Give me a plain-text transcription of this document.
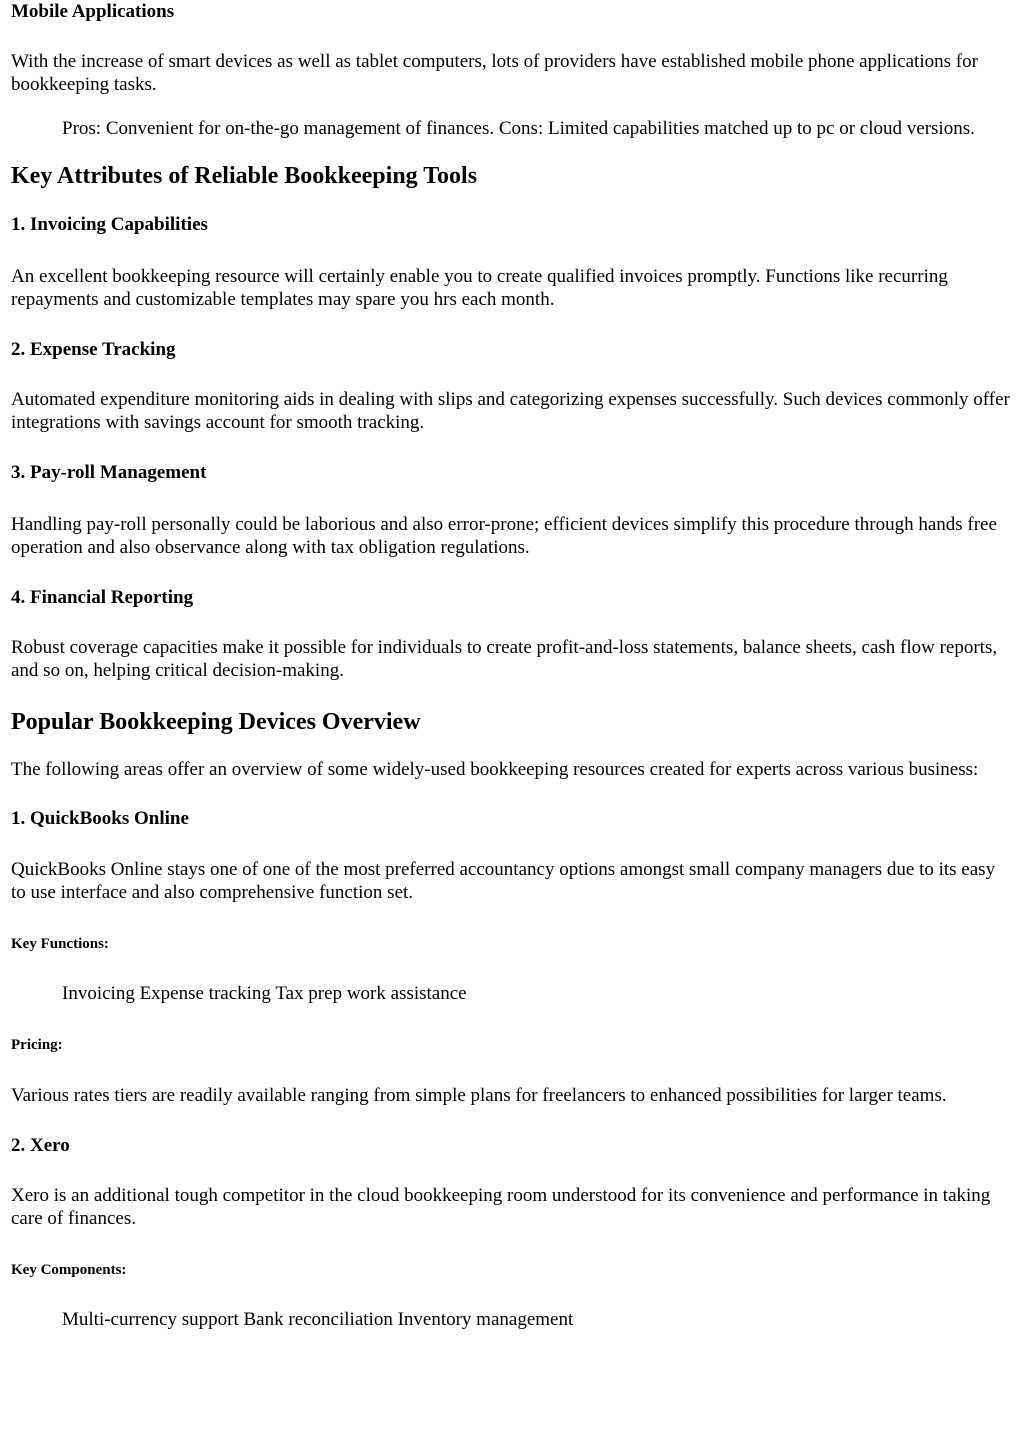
Mobile Applications

With the increase of smart devices as well as tablet computers, lots of providers have established mobile phone applications for bookkeeping tasks.

Pros: Convenient for on-the-go management of finances. Cons: Limited capabilities matched up to pc or cloud versions.
Key Attributes of Reliable Bookkeeping Tools
1. Invoicing Capabilities

An excellent bookkeeping resource will certainly enable you to create qualified invoices promptly. Functions like recurring repayments and customizable templates may spare you hrs each month.

2. Expense Tracking

Automated expenditure monitoring aids in dealing with slips and categorizing expenses successfully. Such devices commonly offer integrations with savings account for smooth tracking.

3. Pay-roll Management

Handling pay-roll personally could be laborious and also error-prone; efficient devices simplify this procedure through hands free operation and also observance along with tax obligation regulations.

4. Financial Reporting

Robust coverage capacities make it possible for individuals to create profit-and-loss statements, balance sheets, cash flow reports, and so on, helping critical decision-making.

Popular Bookkeeping Devices Overview

The following areas offer an overview of some widely-used bookkeeping resources created for experts across various business:

1. QuickBooks Online

QuickBooks Online stays one of one of the most preferred accountancy options amongst small company managers due to its easy to use interface and also comprehensive function set.

Key Functions:
Invoicing Expense tracking Tax prep work assistance
Pricing:

Various rates tiers are readily available ranging from simple plans for freelancers to enhanced possibilities for larger teams.

2. Xero

Xero is an additional tough competitor in the cloud bookkeeping room understood for its convenience and performance in taking care of finances.

Key Components:
Multi-currency support Bank reconciliation Inventory management
